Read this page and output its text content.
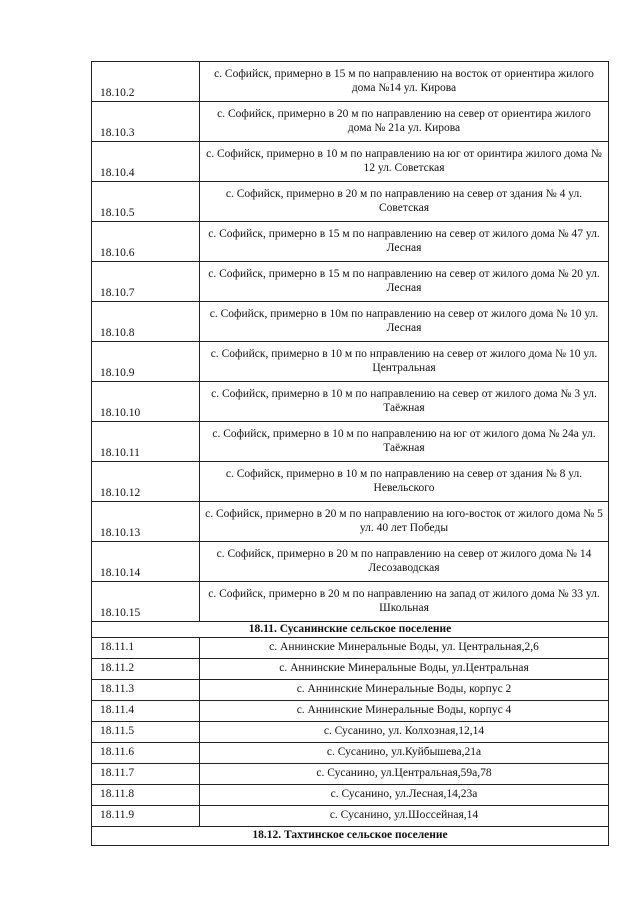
18.10.2	с. Софийск, примерно в 15 м по направлению на восток от ориентира жилого дома №14 ул. Кирова
18.10.3	с. Софийск, примерно в 20 м по направлению на север от ориентира жилого дома № 21а ул. Кирова
18.10.4	с. Софийск, примерно в 10 м по направлению на юг от оринтира жилого дома № 12 ул. Советская
18.10.5	с. Софийск, примерно в 20 м по направлению на север от здания № 4 ул. Советская
18.10.6	с. Софийск, примерно в 15 м по направлению на север от жилого дома № 47 ул. Лесная
18.10.7	с. Софийск, примерно в 15 м по направлению на север от жилого дома № 20 ул. Лесная
18.10.8	с. Софийск, примерно в 10м по направлению на север от жилого дома № 10 ул. Лесная
18.10.9	с. Софийск, примерно в 10 м по нправлению на север от жилого дома № 10 ул. Центральная
18.10.10	с. Софийск, примерно в 10 м по направлению на север от жилого дома № 3 ул. Таёжная
18.10.11	с. Софийск, примерно в 10 м по направлению на юг от жилого дома № 24а ул. Таёжная
18.10.12	с. Софийск, примерно в 10 м по направлению на север от здания № 8 ул. Невельского
18.10.13	с. Софийск, примерно в 20 м по направлению на юго-восток от жилого дома № 5 ул. 40 лет Победы
18.10.14	с. Софийск, примерно в 20 м по направлению на север от жилого дома № 14 Лесозаводская
18.10.15	с. Софийск, примерно в 20 м по направлению на запад от жилого дома № 33 ул. Школьная
18.11. Сусанинские сельское поселение	
18.11.1	с. Аннинские Минеральные Воды, ул. Центральная,2,6
18.11.2	с. Аннинские Минеральные Воды, ул.Центральная
18.11.3	с. Аннинские Минеральные Воды, корпус 2
18.11.4	с. Аннинские Минеральные Воды, корпус 4
18.11.5	с. Сусанино, ул. Колхозная,12,14
18.11.6	с. Сусанино, ул.Куйбышева,21а
18.11.7	с. Сусанино, ул.Центральная,59а,78
18.11.8	с. Сусанино, ул.Лесная,14,23а
18.11.9	с. Сусанино, ул.Шоссейная,14
18.12. Тахтинское сельское поселение	
